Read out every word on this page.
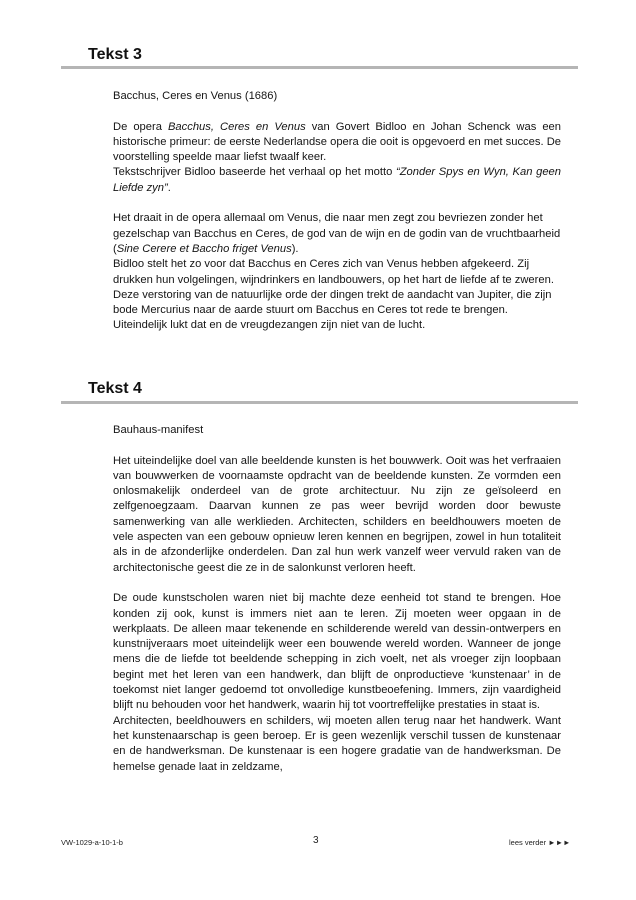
Tekst 3

Bacchus, Ceres en Venus (1686)

De opera Bacchus, Ceres en Venus van Govert Bidloo en Johan Schenck was een historische primeur: de eerste Nederlandse opera die ooit is opgevoerd en met succes. De voorstelling speelde maar liefst twaalf keer.

Tekstschrijver Bidloo baseerde het verhaal op het motto “Zonder Spys en Wyn, Kan geen Liefde zyn”.

Het draait in de opera allemaal om Venus, die naar men zegt zou bevriezen zonder het gezelschap van Bacchus en Ceres, de god van de wijn en de godin van de vruchtbaarheid (Sine Cerere et Baccho friget Venus).

Bidloo stelt het zo voor dat Bacchus en Ceres zich van Venus hebben afgekeerd. Zij drukken hun volgelingen, wijndrinkers en landbouwers, op het hart de liefde af te zweren. Deze verstoring van de natuurlijke orde der dingen trekt de aandacht van Jupiter, die zijn bode Mercurius naar de aarde stuurt om Bacchus en Ceres tot rede te brengen.

Uiteindelijk lukt dat en de vreugdezangen zijn niet van de lucht.

Tekst 4

Bauhaus-manifest

Het uiteindelijke doel van alle beeldende kunsten is het bouwwerk. Ooit was het verfraaien van bouwwerken de voornaamste opdracht van de beeldende kunsten. Ze vormden een onlosmakelijk onderdeel van de grote architectuur. Nu zijn ze geïsoleerd en zelfgenoegzaam. Daarvan kunnen ze pas weer bevrijd worden door bewuste samenwerking van alle werklieden. Architecten, schilders en beeldhouwers moeten de vele aspecten van een gebouw opnieuw leren kennen en begrijpen, zowel in hun totaliteit als in de afzonderlijke onderdelen. Dan zal hun werk vanzelf weer vervuld raken van de architectonische geest die ze in de salonkunst verloren heeft.

De oude kunstscholen waren niet bij machte deze eenheid tot stand te brengen. Hoe konden zij ook, kunst is immers niet aan te leren. Zij moeten weer opgaan in de werkplaats. De alleen maar tekenende en schilderende wereld van dessin-ontwerpers en kunstnijveraars moet uiteindelijk weer een bouwende wereld worden. Wanneer de jonge mens die de liefde tot beeldende schepping in zich voelt, net als vroeger zijn loopbaan begint met het leren van een handwerk, dan blijft de onproductieve ‘kunstenaar’ in de toekomst niet langer gedoemd tot onvolledige kunstbeoefening. Immers, zijn vaardigheid blijft nu behouden voor het handwerk, waarin hij tot voortreffelijke prestaties in staat is.

Architecten, beeldhouwers en schilders, wij moeten allen terug naar het handwerk. Want het kunstenaarschap is geen beroep. Er is geen wezenlijk verschil tussen de kunstenaar en de handwerksman. De kunstenaar is een hogere gradatie van de handwerksman. De hemelse genade laat in zeldzame,

VW-1029-a-10-1-b	3	lees verder ►►►
